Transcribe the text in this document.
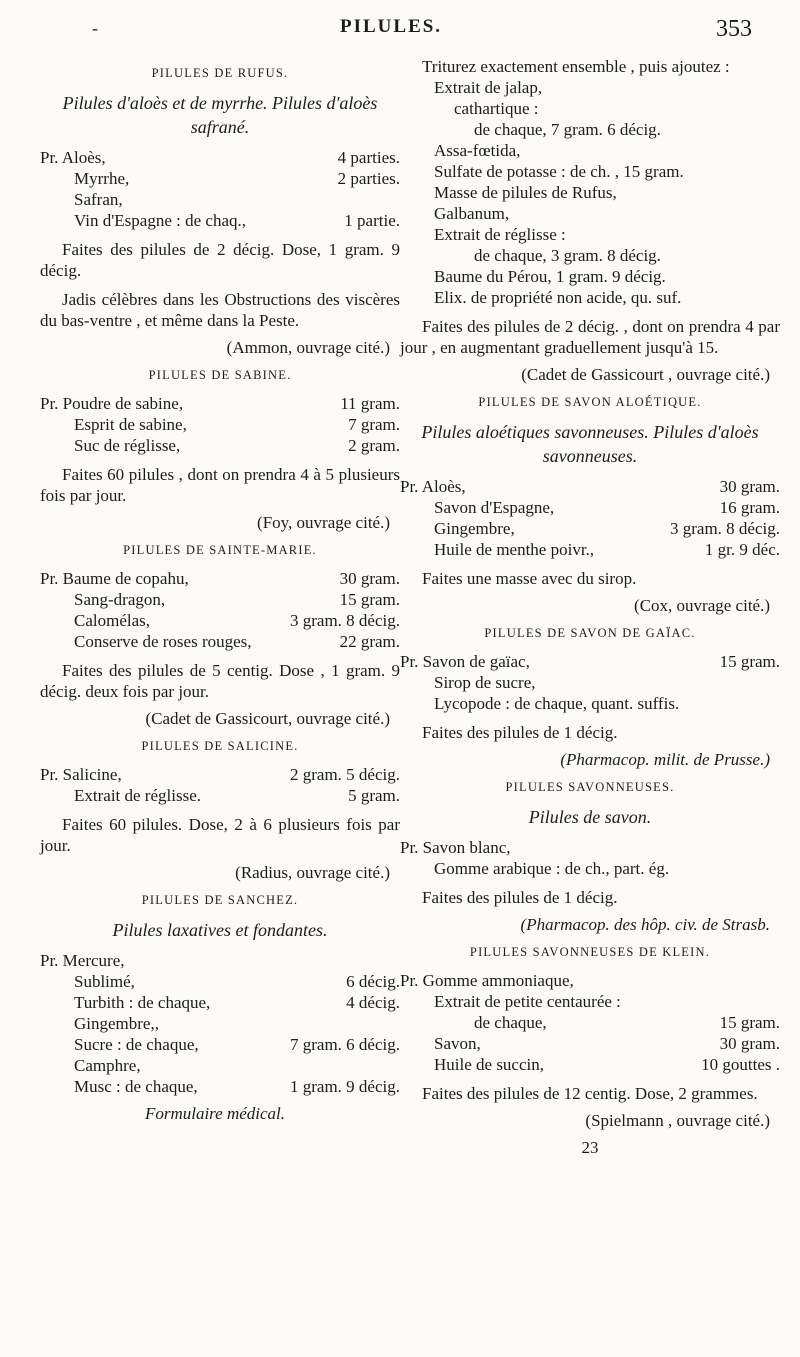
-	PILULES.	353
PILULES DE RUFUS.
Pilules d'aloès et de myrrhe. Pilules d'aloès safrané.
Pr. Aloès,	4 parties.
Myrrhe,	2 parties.
Safran,
Vin d'Espagne : de chaq.,	1 partie.

Faites des pilules de 2 décig. Dose, 1 gram. 9 décig.

Jadis célèbres dans les Obstructions des viscères du bas-ventre , et même dans la Peste.

(Ammon, ouvrage cité.)
PILULES DE SABINE.
Pr. Poudre de sabine,	11 gram.
Esprit de sabine,	7 gram.
Suc de réglisse,	2 gram.

Faites 60 pilules , dont on prendra 4 à 5 plusieurs fois par jour.

(Foy, ouvrage cité.)
PILULES DE SAINTE-MARIE.
Pr. Baume de copahu,	30 gram.
Sang-dragon,	15 gram.
Calomélas,	3 gram. 8 décig.
Conserve de roses rouges,	22 gram.

Faites des pilules de 5 centig. Dose , 1 gram. 9 décig. deux fois par jour.

(Cadet de Gassicourt, ouvrage cité.)
PILULES DE SALICINE.
Pr. Salicine,	2 gram. 5 décig.
Extrait de réglisse.	5 gram.

Faites 60 pilules. Dose, 2 à 6 plusieurs fois par jour.

(Radius, ouvrage cité.)
PILULES DE SANCHEZ.
Pilules laxatives et fondantes.
Pr. Mercure,
Sublimé,	6 décig.
Turbith : de chaque,	4 décig.
Gingembre,,
Sucre : de chaque,	7 gram. 6 décig.
Camphre,
Musc : de chaque,	1 gram. 9 décig.
Formulaire médical.

Triturez exactement ensemble , puis ajoutez :

Extrait de jalap,
cathartique :
de chaque, 7 gram. 6 décig.
Assa-fœtida,
Sulfate de potasse : de ch. , 15 gram.
Masse de pilules de Rufus,
Galbanum,
Extrait de réglisse :
de chaque, 3 gram. 8 décig.
Baume du Pérou, 1 gram. 9 décig.
Elix. de propriété non acide, qu. suf.

Faites des pilules de 2 décig. , dont on prendra 4 par jour , en augmentant graduellement jusqu'à 15.

(Cadet de Gassicourt , ouvrage cité.)
PILULES DE SAVON ALOÉTIQUE.
Pilules aloétiques savonneuses. Pilules d'aloès savonneuses.
Pr. Aloès,	30 gram.
Savon d'Espagne,	16 gram.
Gingembre,	3 gram. 8 décig.
Huile de menthe poivr.,	1 gr. 9 déc.

Faites une masse avec du sirop.

(Cox, ouvrage cité.)
PILULES DE SAVON DE GAÏAC.
Pr. Savon de gaïac,	15 gram.
Sirop de sucre,
Lycopode : de chaque, quant. suffis.

Faites des pilules de 1 décig.

(Pharmacop. milit. de Prusse.)
PILULES SAVONNEUSES.
Pilules de savon.
Pr. Savon blanc,
Gomme arabique : de ch., part. ég.

Faites des pilules de 1 décig.

(Pharmacop. des hôp. civ. de Strasb.
PILULES SAVONNEUSES DE KLEIN.
Pr. Gomme ammoniaque,
Extrait de petite centaurée :
de chaque,	15 gram.
Savon,	30 gram.
Huile de succin,	10 gouttes .

Faites des pilules de 12 centig. Dose, 2 grammes.

(Spielmann , ouvrage cité.)
23
